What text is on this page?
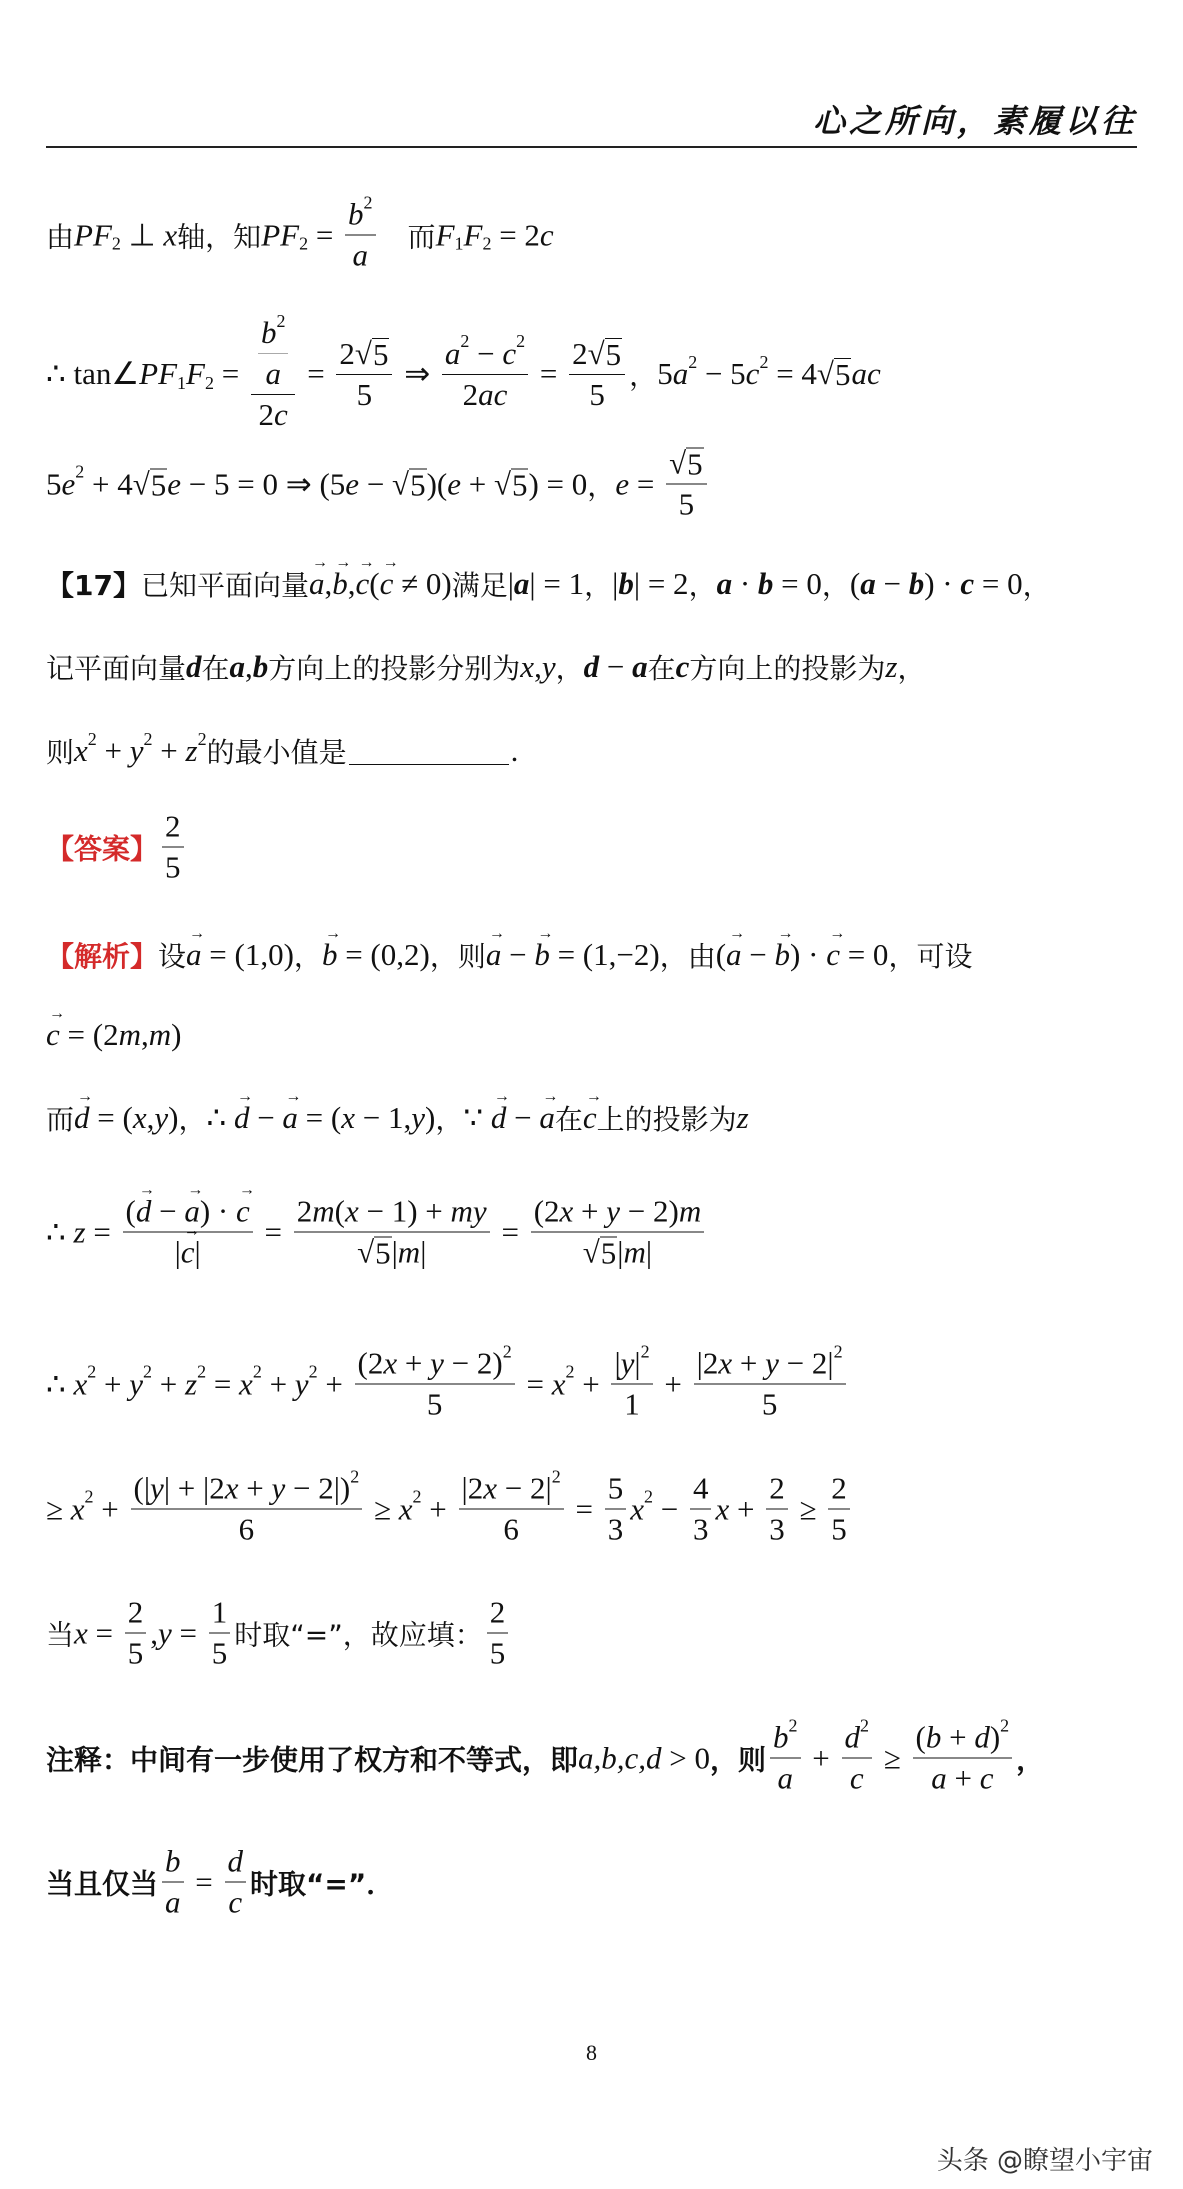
心之所向，素履以往
由 PF 2 ⊥ x 轴，知 PF $2 = \frac{b 2}{a}$ 　而 F 1 F 2 = 2 c
∴ tan∠ PF 1 F $2 = \frac{\frac{b 2}{a}}{2 c} = \frac{2 √ 5}{5}$ ⇒ $\frac{a 2 - c 2}{2 ac} = \frac{2 √ 5}{5}$ ， 5 a 2 − 5 c 2 = 4 √ 5 ac
5 e 2 + 4 √ 5 e − 5 = 0 ⇒ (5 e − √ 5 )( e + √ 5 ) = 0 ， $e = \frac{√ 5}{5}$
【17】 已知平面向量 → a , → b , → c ( → c ≠ 0) 满足 | a | = 1 ， | b | = 2 ， a · b = 0 ， ( a − b ) · c = 0 ，
记平面向量 d 在 a , b 方向上的投影分别为 x , y ， d − a 在 c 方向上的投影为 z ，
则 x 2 + y 2 + z 2 的最小值是	.
【答案】 $\frac{2}{5}$
【解析】 设 → a = (1,0) ， → b = (0,2) ，则 → a − → b = (1,−2) ，由 ( → a − → b ) · → c = 0 ，可设
→ c = (2 m , m )
而 → d = ( x , y ) ， ∴ → d − → a = ( x − 1, y ) ， ∵ → d − → a 在 → c 上的投影为 z
∴ $z = \frac{( \to d - \to a ) \cdot \to c}{| \to c |} = \frac{2 m ( x - 1) + my}{√ 5 | m |} = \frac{(2 x + y - 2) m}{√ 5 | m |}$
∴ x 2 + y 2 + z 2 = x 2 + y $2 + \frac{(2 x + y - 2) 2}{5} = x$ $2 + \frac{| y | 2}{1} + \frac{|2 x + y - 2| 2}{5}$
≥ x $2 + \frac{(| y | + |2 x + y - 2|) 2}{6} \ge x$ $2 + \frac{|2 x - 2| 2}{6} = \frac{5}{3}$ x $2 - \frac{4}{3}$ $x + \frac{2}{3} \ge \frac{2}{5}$
当 $x = \frac{2}{5}$ , $y = \frac{1}{5}$ 时取“=”，故应填： $\frac{2}{5}$
注释：中间有一步使用了权方和不等式，即 a,b,c,d > 0 ，则 $\frac{b 2}{a} + \frac{d 2}{c} \ge \frac{( b + d ) 2}{a + c}$ ，
当且仅当 $\frac{b}{a} = \frac{d}{c}$ 时取“=”．
8
头条 @瞭望小宇宙
